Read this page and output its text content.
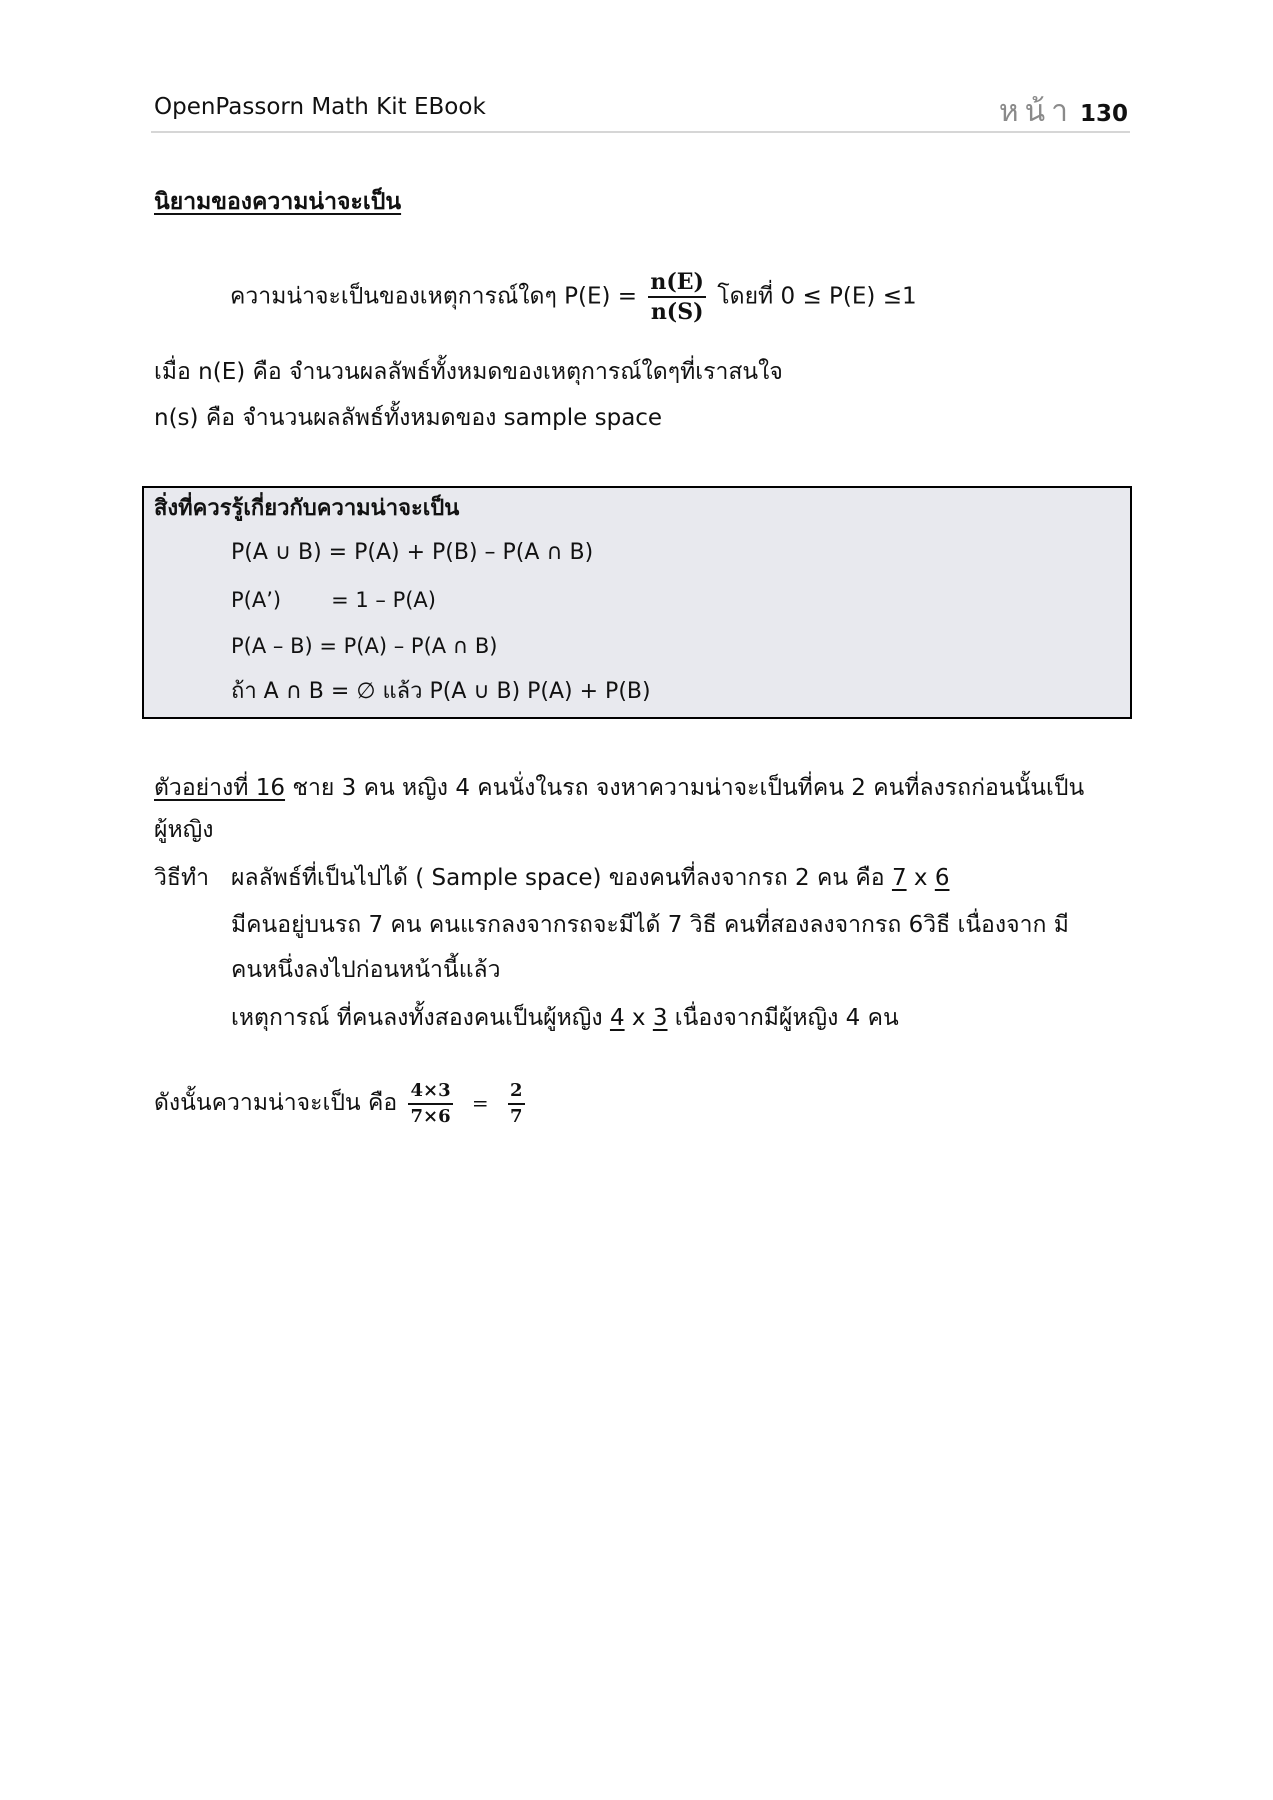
OpenPassorn Math Kit EBook	หน้า 130
นิยามของความน่าจะเป็น
ความน่าจะเป็นของเหตุการณ์ใดๆ $P(E) = \frac{n(E)}{n(S)}$ โดยที่ 0 ≤ P(E) ≤1
เมื่อ n(E) คือ จำนวนผลลัพธ์ทั้งหมดของเหตุการณ์ใดๆที่เราสนใจ
n(s) คือ จำนวนผลลัพธ์ทั้งหมดของ sample space
สิ่งที่ควรรู้เกี่ยวกับความน่าจะเป็น
P(A ∪ B) = P(A) + P(B) – P(A ∩ B)
P(A’) = 1 – P(A)
P(A – B) = P(A) – P(A ∩ B)
ถ้า A ∩ B = ∅ แล้ว P(A ∪ B) P(A) + P(B)
ตัวอย่างที่ 16 ชาย 3 คน หญิง 4 คนนั่งในรถ จงหาความน่าจะเป็นที่คน 2 คนที่ลงรถก่อนนั้นเป็น
ผู้หญิง
วิธีทำ ผลลัพธ์ที่เป็นไปได้ ( Sample space) ของคนที่ลงจากรถ 2 คน คือ 7 x 6
มีคนอยู่บนรถ 7 คน คนแรกลงจากรถจะมีได้ 7 วิธี คนที่สองลงจากรถ 6วิธี เนื่องจาก มี
คนหนึ่งลงไปก่อนหน้านี้แล้ว
เหตุการณ์ ที่คนลงทั้งสองคนเป็นผู้หญิง 4 x 3 เนื่องจากมีผู้หญิง 4 คน
ดังนั้นความน่าจะเป็น คือ $\frac{4\times 3}{7\times 6} = \frac{2}{7}$
